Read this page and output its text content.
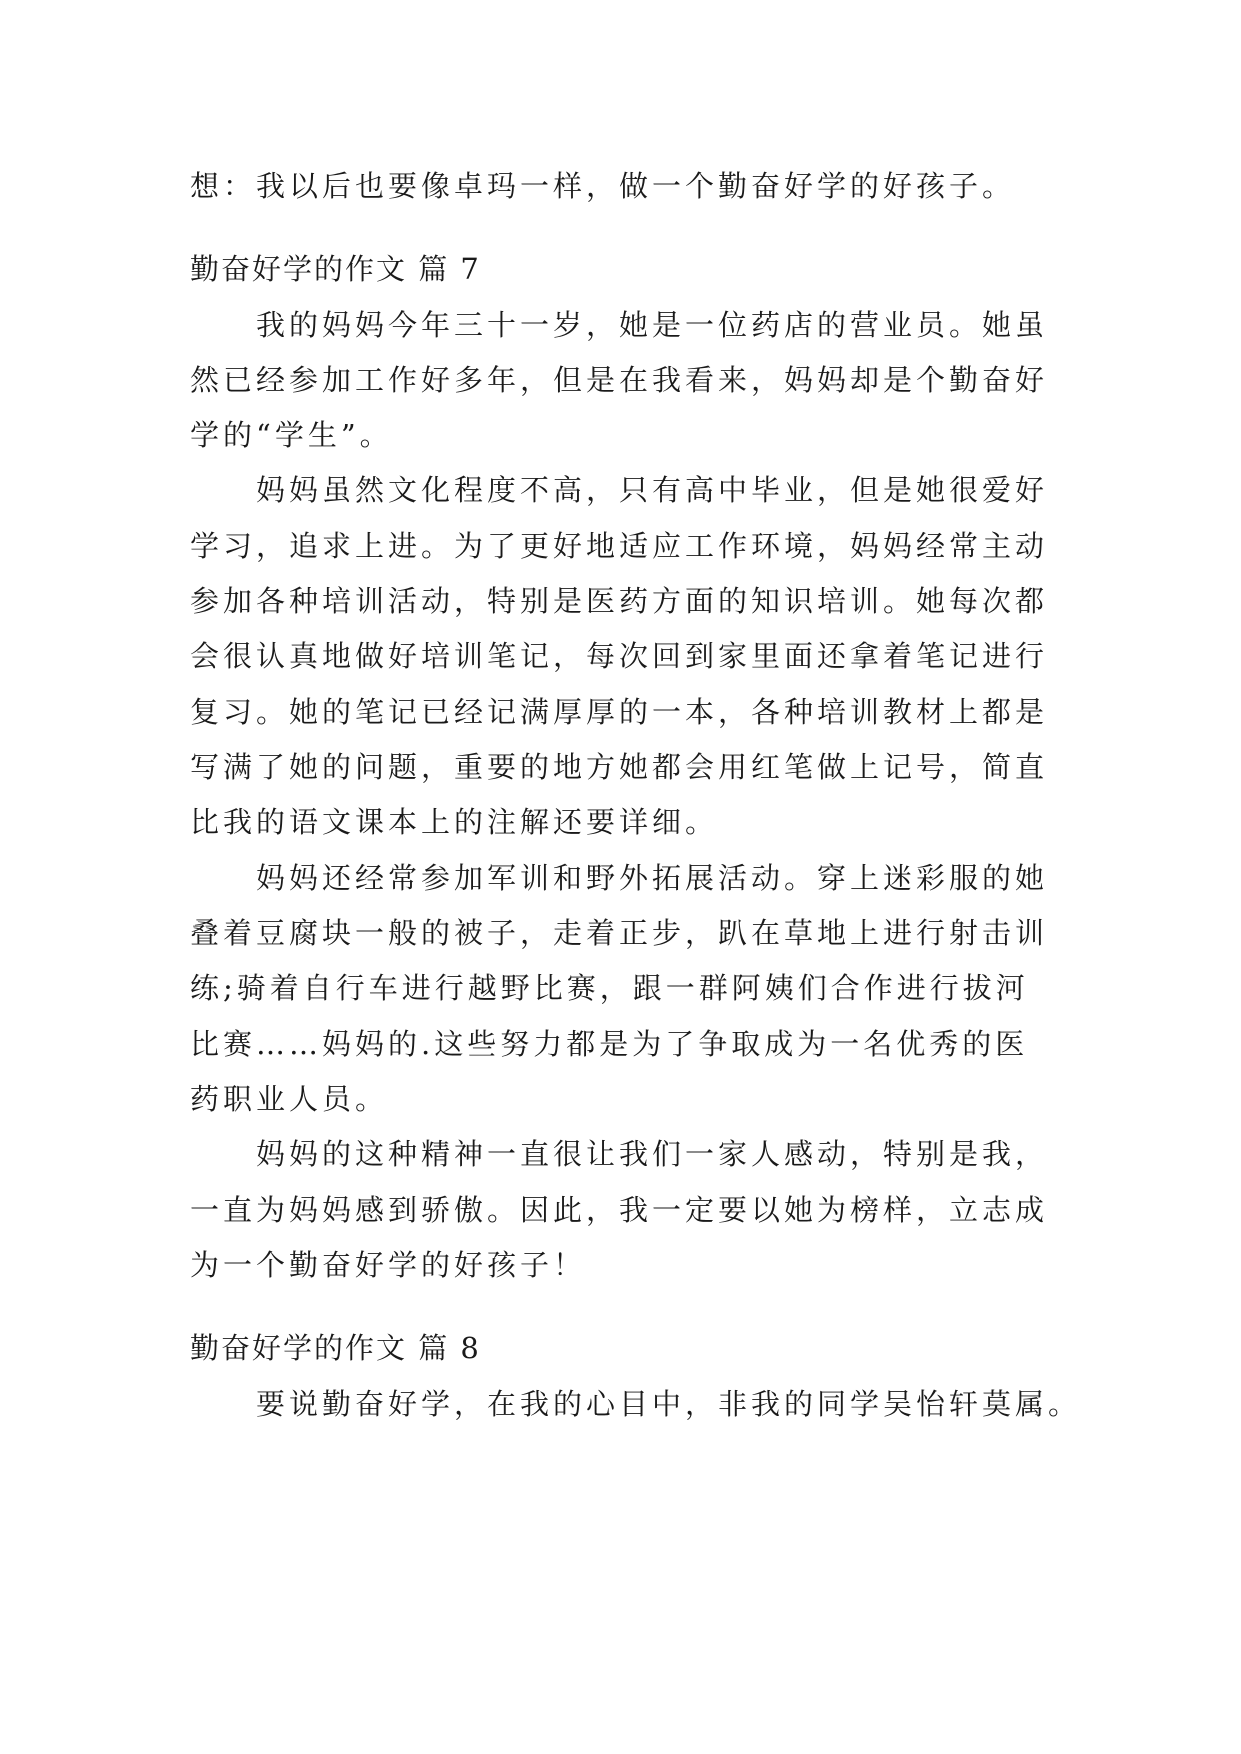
想：我以后也要像卓玛一样，做一个勤奋好学的好孩子。
勤奋好学的作文 篇 7
　　我的妈妈今年三十一岁，她是一位药店的营业员。她虽
然已经参加工作好多年，但是在我看来，妈妈却是个勤奋好
学的“学生”。
　　妈妈虽然文化程度不高，只有高中毕业，但是她很爱好
学习，追求上进。为了更好地适应工作环境，妈妈经常主动
参加各种培训活动，特别是医药方面的知识培训。她每次都
会很认真地做好培训笔记，每次回到家里面还拿着笔记进行
复习。她的笔记已经记满厚厚的一本，各种培训教材上都是
写满了她的问题，重要的地方她都会用红笔做上记号，简直
比我的语文课本上的注解还要详细。
　　妈妈还经常参加军训和野外拓展活动。穿上迷彩服的她
叠着豆腐块一般的被子，走着正步，趴在草地上进行射击训
练;骑着自行车进行越野比赛，跟一群阿姨们合作进行拔河
比赛……妈妈的.这些努力都是为了争取成为一名优秀的医
药职业人员。
　　妈妈的这种精神一直很让我们一家人感动，特别是我，
一直为妈妈感到骄傲。因此，我一定要以她为榜样，立志成
为一个勤奋好学的好孩子！
勤奋好学的作文 篇 8
　　要说勤奋好学，在我的心目中，非我的同学吴怡轩莫属。
